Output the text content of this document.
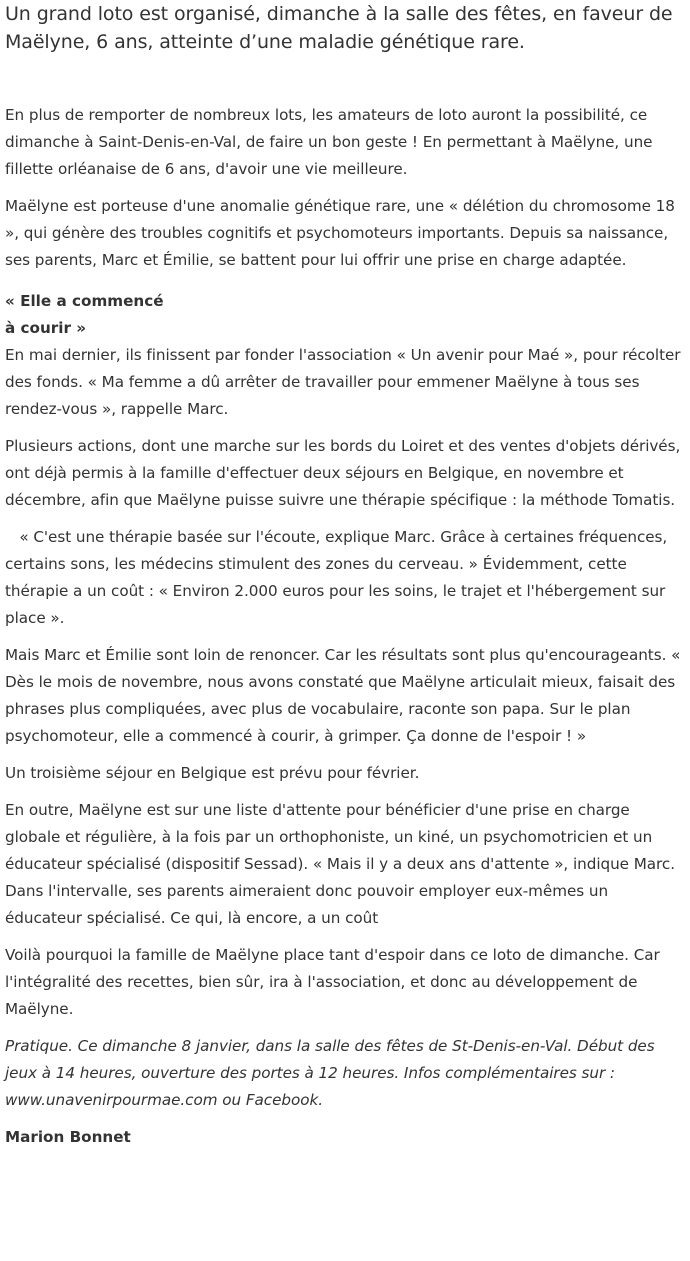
Un grand loto est organisé, dimanche à la salle des fêtes, en faveur de Maëlyne, 6 ans, atteinte d’une maladie génétique rare.

En plus de remporter de nombreux lots, les amateurs de loto auront la possibilité, ce dimanche à Saint-Denis-en-Val, de faire un bon geste ! En permettant à Maëlyne, une fillette orléanaise de 6 ans, d'avoir une vie meilleure.

Maëlyne est porteuse d'une anomalie génétique rare, une « délétion du chromosome 18 », qui génère des troubles cognitifs et psychomoteurs importants. Depuis sa naissance, ses parents, Marc et Émilie, se battent pour lui offrir une prise en charge adaptée.

« Elle a commencé
à courir »

En mai dernier, ils finissent par fonder l'association « Un avenir pour Maé », pour récolter des fonds. « Ma femme a dû arrêter de travailler pour emmener Maëlyne à tous ses rendez-vous », rappelle Marc.

Plusieurs actions, dont une marche sur les bords du Loiret et des ventes d'objets dérivés, ont déjà permis à la famille d'effectuer deux séjours en Belgique, en novembre et décembre, afin que Maëlyne puisse suivre une thérapie spécifique : la méthode Tomatis.

« C'est une thérapie basée sur l'écoute, explique Marc. Grâce à certaines fréquences, certains sons, les médecins stimulent des zones du cerveau. » Évidemment, cette thérapie a un coût : « Environ 2.000 euros pour les soins, le trajet et l'hébergement sur place ».

Mais Marc et Émilie sont loin de renoncer. Car les résultats sont plus qu'encourageants. « Dès le mois de novembre, nous avons constaté que Maëlyne articulait mieux, faisait des phrases plus compliquées, avec plus de vocabulaire, raconte son papa. Sur le plan psychomoteur, elle a commencé à courir, à grimper. Ça donne de l'espoir ! »

Un troisième séjour en Belgique est prévu pour février.

En outre, Maëlyne est sur une liste d'attente pour bénéficier d'une prise en charge globale et régulière, à la fois par un orthophoniste, un kiné, un psychomotricien et un éducateur spécialisé (dispositif Sessad). « Mais il y a deux ans d'attente », indique Marc. Dans l'intervalle, ses parents aimeraient donc pouvoir employer eux-mêmes un éducateur spécialisé. Ce qui, là encore, a un coût

Voilà pourquoi la famille de Maëlyne place tant d'espoir dans ce loto de dimanche. Car l'intégralité des recettes, bien sûr, ira à l'association, et donc au développement de Maëlyne.

Pratique. Ce dimanche 8 janvier, dans la salle des fêtes de St-Denis-en-Val. Début des jeux à 14 heures, ouverture des portes à 12 heures. Infos complémentaires sur : www.unavenirpourmae.com ou Facebook.

Marion Bonnet
